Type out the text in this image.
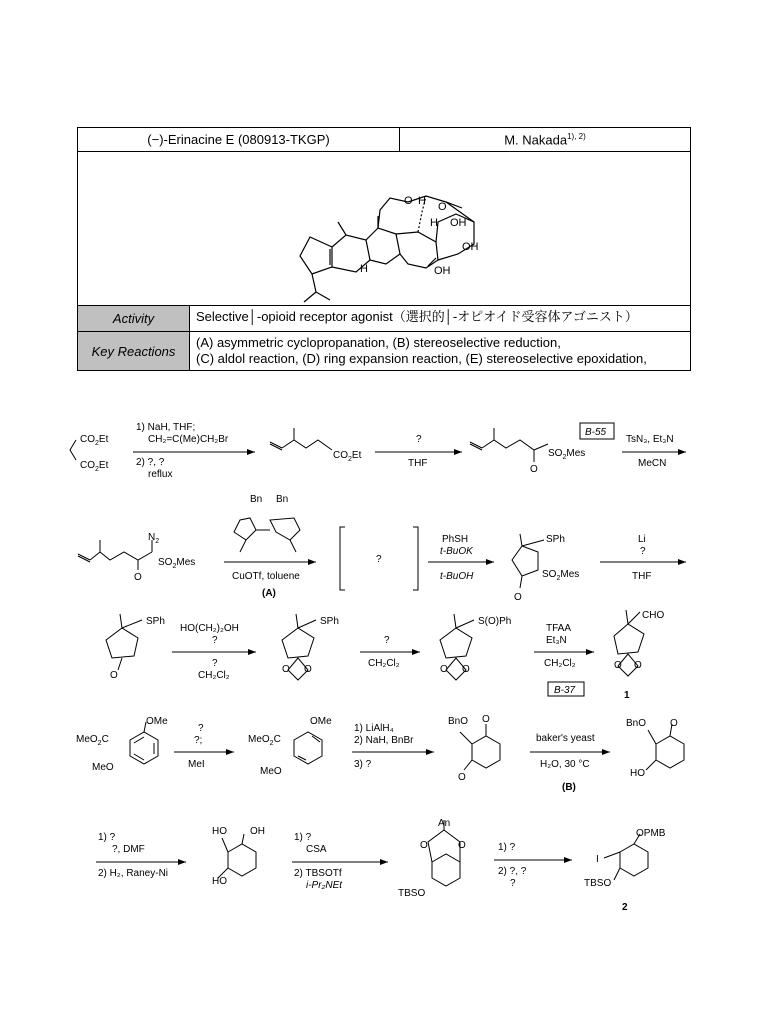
(−)-Erinacine E (080913-TKGP)	M. Nakada$^{1), 2)}$
H
O O
H OH
OH
OH
H
Activity	Selective│-opioid receptor agonist（選択的│-オピオイド受容体アゴニスト）
Key Reactions
(A) asymmetric cyclopropanation, (B) stereoselective reduction,
(C) aldol reaction, (D) ring expansion reaction, (E) stereoselective epoxidation,
$CO_2Et$
$CO_2Et$
1) NaH, THF;
CH₂=C(Me)CH₂Br
2) ?, ?
reflux
$CO_2Et$
?
THF
O
$SO_2Mes$
B-55
TsN₃, Et₃N
MeCN
$N_2$
O
$SO_2Mes$
Bn Bn
CuOTf, toluene
(A)
?
PhSH
t-BuOK
t-BuOH
SPh
O
$SO_2Mes$
Li
?
THF
SPh
O
HO(CH₂)₂OH
?
?
CH₂Cl₂
SPh
O O
?
CH₂Cl₂
S(O)Ph
O O
TFAA
Et₃N
CH₂Cl₂
B-37
CHO
O O
1
OMe
MeO$_2$C
MeO
?
?;
MeI
OMe
MeO$_2$C
MeO
1) LiAlH₄
2) NaH, BnBr
3) ?
BnO O
O
baker's yeast
H₂O, 30 °C
(B)
BnO O
HO
1) ?
?, DMF
2) H₂, Raney-Ni
HO OH
HO
1) ?
CSA
2) TBSOTf
i-Pr₂NEt
An
O	O
TBSO
1) ?
2) ?, ?
?
OPMB
I
TBSO
2
